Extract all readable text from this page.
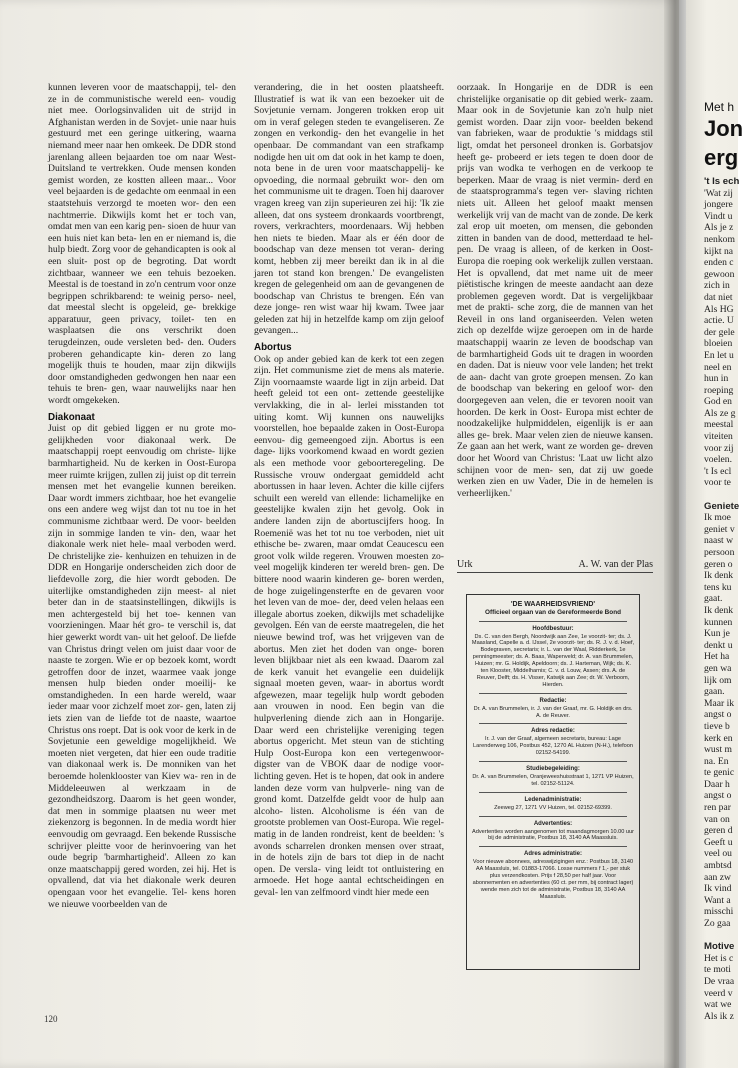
kunnen leveren voor de maatschappij, tel- den ze in de communistische wereld een- voudig niet mee. Oorlogsinvaliden uit de strijd in Afghanistan werden in de Sovjet- unie naar huis gestuurd met een geringe uitkering, waarna niemand meer naar hen omkeek. De DDR stond jarenlang alleen bejaarden toe om naar West-Duitsland te vertrekken. Oude mensen konden gemist worden, ze kostten alleen maar... Voor veel bejaarden is de gedachte om eenmaal in een staatstehuis verzorgd te moeten wor- den een nachtmerrie. Dikwijls komt het er toch van, omdat men van een karig pen- sioen de huur van een huis niet kan beta- len en er niemand is, die hulp biedt. Zorg voor de gehandicapten is ook al een sluit- post op de begroting. Dat wordt zichtbaar, wanneer we een tehuis bezoeken. Meestal is de toestand in zo'n centrum voor onze begrippen schrikbarend: te weinig perso- neel, dat meestal slecht is opgeleid, ge- brekkige apparatuur, geen privacy, toilet- ten en wasplaatsen die ons verschrikt doen terugdeinzen, oude versleten bed- den. Ouders proberen gehandicapte kin- deren zo lang mogelijk thuis te houden, maar zijn dikwijls door omstandigheden gedwongen hen naar een tehuis te bren- gen, waar nauwelijks naar hen wordt omgekeken.

Diakonaat

Juist op dit gebied liggen er nu grote mo- gelijkheden voor diakonaal werk. De maatschappij roept eenvoudig om christe- lijke barmhartigheid. Nu de kerken in Oost-Europa meer ruimte krijgen, zullen zij juist op dit terrein mensen met het evangelie kunnen bereiken. Daar wordt immers zichtbaar, hoe het evangelie ons een andere weg wijst dan tot nu toe in het communisme zichtbaar werd. De voor- beelden zijn in sommige landen te vin- den, waar het diakonale werk niet hele- maal verboden werd. De christelijke zie- kenhuizen en tehuizen in de DDR en Hongarije onderscheiden zich door de liefdevolle zorg, die hier wordt geboden. De uiterlijke omstandigheden zijn meest- al niet beter dan in de staatsinstellingen, dikwijls is men achtergesteld bij het toe- kennen van voorzieningen. Maar hét gro- te verschil is, dat hier gewerkt wordt van- uit het geloof. De liefde van Christus dringt velen om juist daar voor de naaste te zorgen. Wie er op bezoek komt, wordt getroffen door de inzet, waarmee vaak jonge mensen hulp bieden onder moeilij- ke omstandigheden. In een harde wereld, waar ieder maar voor zichzelf moet zor- gen, laten zij iets zien van de liefde tot de naaste, waartoe Christus ons roept. Dat is ook voor de kerk in de Sovjetunie een geweldige mogelijkheid. We moeten niet vergeten, dat hier een oude traditie van diakonaal werk is. De monniken van het beroemde holenklooster van Kiev wa- ren in de Middeleeuwen al werkzaam in de gezondheidszorg. Daarom is het geen wonder, dat men in sommige plaatsen nu weer met ziekenzorg is begonnen. In de media wordt hier eenvoudig om gevraagd. Een bekende Russische schrijver pleitte voor de herinvoering van het oude begrip 'barmhartigheid'. Alleen zo kan onze maatschappij gered worden, zei hij. Het is opvallend, dat via het diakonale werk deuren opengaan voor het evangelie. Tel- kens horen we nieuwe voorbeelden van de

verandering, die in het oosten plaatsheeft. Illustratief is wat ik van een bezoeker uit de Sovjetunie vernam. Jongeren trokken erop uit om in veraf gelegen steden te evangeliseren. Ze zongen en verkondig- den het evangelie in het openbaar. De commandant van een strafkamp nodigde hen uit om dat ook in het kamp te doen, nota bene in de uren voor maatschappelij- ke opvoeding, die normaal gebruikt wor- den om het communisme uit te dragen. Toen hij daarover vragen kreeg van zijn superieuren zei hij: 'Ik zie alleen, dat ons systeem dronkaards voortbrengt, rovers, verkrachters, moordenaars. Wij hebben hen niets te bieden. Maar als er één door de boodschap van deze mensen tot veran- dering komt, hebben zij meer bereikt dan ik in al die jaren tot stand kon brengen.' De evangelisten kregen de gelegenheid om aan de gevangenen de boodschap van Christus te brengen. Eén van deze jonge- ren wist waar hij kwam. Twee jaar geleden zat hij in hetzelfde kamp om zijn geloof gevangen...

Abortus

Ook op ander gebied kan de kerk tot een zegen zijn. Het communisme ziet de mens als materie. Zijn voornaamste waarde ligt in zijn arbeid. Dat heeft geleid tot een ont- zettende geestelijke vervlakking, die in al- lerlei misstanden tot uiting komt. Wij kunnen ons nauwelijks voorstellen, hoe bepaalde zaken in Oost-Europa eenvou- dig gemeengoed zijn. Abortus is een dage- lijks voorkomend kwaad en wordt gezien als een methode voor geboorteregeling. De Russische vrouw ondergaat gemiddeld acht abortussen in haar leven. Achter die kille cijfers schuilt een wereld van ellende: lichamelijke en geestelijke kwalen zijn het gevolg. Ook in andere landen zijn de abortuscijfers hoog. In Roemenië was het tot nu toe verboden, niet uit ethische be- zwaren, maar omdat Ceaucescu een groot volk wilde regeren. Vrouwen moesten zo- veel mogelijk kinderen ter wereld bren- gen. De bittere nood waarin kinderen ge- boren werden, de hoge zuigelingensterfte en de gevaren voor het leven van de moe- der, deed velen helaas een illegale abortus zoeken, dikwijls met schadelijke gevolgen. Eén van de eerste maatregelen, die het nieuwe bewind trof, was het vrijgeven van de abortus. Men ziet het doden van onge- boren leven blijkbaar niet als een kwaad. Daarom zal de kerk vanuit het evangelie een duidelijk signaal moeten geven, waar- in abortus wordt afgewezen, maar tegelijk hulp wordt geboden aan vrouwen in nood. Een begin van die hulpverlening diende zich aan in Hongarije. Daar werd een christelijke vereniging tegen abortus opgericht. Met steun van de stichting Hulp Oost-Europa kon een vertegenwoor- digster van de VBOK daar de nodige voor- lichting geven. Het is te hopen, dat ook in andere landen deze vorm van hulpverle- ning van de grond komt. Datzelfde geldt voor de hulp aan alcoho- listen. Alcoholisme is één van de grootste problemen van Oost-Europa. Wie regel- matig in de landen rondreist, kent de beelden: 's avonds scharrelen dronken mensen over straat, in de hotels zijn de bars tot diep in de nacht open. De versla- ving leidt tot ontluistering en armoede. Het hoge aantal echtscheidingen en geval- len van zelfmoord vindt hier mede een

oorzaak. In Hongarije en de DDR is een christelijke organisatie op dit gebied werk- zaam. Maar ook in de Sovjetunie kan zo'n hulp niet gemist worden. Daar zijn voor- beelden bekend van fabrieken, waar de produktie 's middags stil ligt, omdat het personeel dronken is. Gorbatsjov heeft ge- probeerd er iets tegen te doen door de prijs van wodka te verhogen en de verkoop te beperken. Maar de vraag is niet vermin- derd en de staatsprogramma's tegen ver- slaving richten niets uit. Alleen het geloof maakt mensen werkelijk vrij van de macht van de zonde. De kerk zal erop uit moeten, om mensen, die gebonden zitten in banden van de dood, metterdaad te hel- pen. De vraag is alleen, of de kerken in Oost- Europa die roeping ook werkelijk zullen verstaan. Het is opvallend, dat met name uit de meer piëtistische kringen de meeste aandacht aan deze problemen gegeven wordt. Dat is vergelijkbaar met de prakti- sche zorg, die de mannen van het Reveil in ons land organiseerden. Velen weten zich op dezelfde wijze geroepen om in de harde maatschappij waarin ze leven de boodschap van de barmhartigheid Gods uit te dragen in woorden en daden. Dat is nieuw voor vele landen; het trekt de aan- dacht van grote groepen mensen. Zo kan de boodschap van bekering en geloof wor- den doorgegeven aan velen, die er tevoren nooit van hoorden. De kerk in Oost- Europa mist echter de noodzakelijke hulpmiddelen, eigenlijk is er aan alles ge- brek. Maar velen zien de nieuwe kansen. Ze gaan aan het werk, want ze worden ge- dreven door het Woord van Christus: 'Laat uw licht alzo schijnen voor de men- sen, dat zij uw goede werken zien en uw Vader, Die in de hemelen is verheerlijken.'

Urk	A. W. van der Plas
'DE WAARHEIDSVRIEND'
Officieel orgaan van de Gereformeerde Bond
Hoofdbestuur:
Ds. C. van den Bergh, Noordwijk aan Zee, 1e voorzit- ter; ds. J. Maasland, Capelle a. d. IJssel, 2e voorzit- ter; ds. R. J. v. d. Hoef, Bodegraven, secretaris; ir. L. van der Waal, Ridderkerk, 1e penningmeester; ds. A. Baas, Wapenveld; dr. A. van Brummelen, Huizen; mr. G. Holdijk, Apeldoorn; ds. J. Harteman, Wijk; ds. K. ten Klooster, Middelharnis; C. v. d. Louw, Assen; drs. A. de Reuver, Delft; ds. H. Visser, Katwijk aan Zee; dr. W. Verboom, Hierden.
Redactie:
Dr. A. van Brummelen, ir. J. van der Graaf, mr. G. Holdijk en drs. A. de Reuver.
Adres redactie:
Ir. J. van der Graaf, algemeen secretaris, bureau: Lage Larenderweg 106, Postbus 452, 1270 AL Huizen (N-H.), telefoon 02152-54199.
Studiebegeleiding:
Dr. A. van Brummelen, Oranjeweeshuisstraat 1, 1271 VP Huizen, tel. 02152-51124.
Ledenadministratie:
Zeeweg 27, 1271 VV Huizen, tel. 02152-69399.
Advertenties:
Advertenties worden aangenomen tot maandagmorgen 10.00 uur bij de administratie, Postbus 18, 3140 AA Maassluis.
Adres administratie:
Voor nieuwe abonnees, adreswijzigingen enz.: Postbus 18, 3140 AA Maassluis, tel. 01883-17066. Losse nummers f 1,- per stuk plus verzendkosten. Prijs f 28,50 per half jaar. Voor abonnementen en advertenties (60 ct. per mm, bij contract lager) wende men zich tot de administratie, Postbus 18, 3140 AA Maassluis.
120
Met h
Jon
erg
't Is ech
'Wat zij
jongere
Vindt u
Als je z
nenkom
kijkt na
enden c
gewoon
zich in
dat niet
Als HG
actie. U
der gele
bloeien
En let u
neel en
hun in
roeping
God en
Als ze g
meestal
viteiten
voor zij
voelen.
't Is ecl
voor te

Geniete
Ik moe
geniet v
naast w
persoon
geren o
Ik denk
tens ku
gaat.
Ik denk
kunnen
Kun je
denkt u
Het ha
gen wa
lijk om
gaan.
Maar ik
angst o
tieve b
kerk en
wust m
na. En
te genic
Daar h
angst o
ren par
van on
geren d
Geeft u
veel ou
ambtsd
aan zw
Ik vind
Want a
misschi
Zo gaa

Motive
Het is c
te moti
De vraa
veerd v
wat we
Als ik z
